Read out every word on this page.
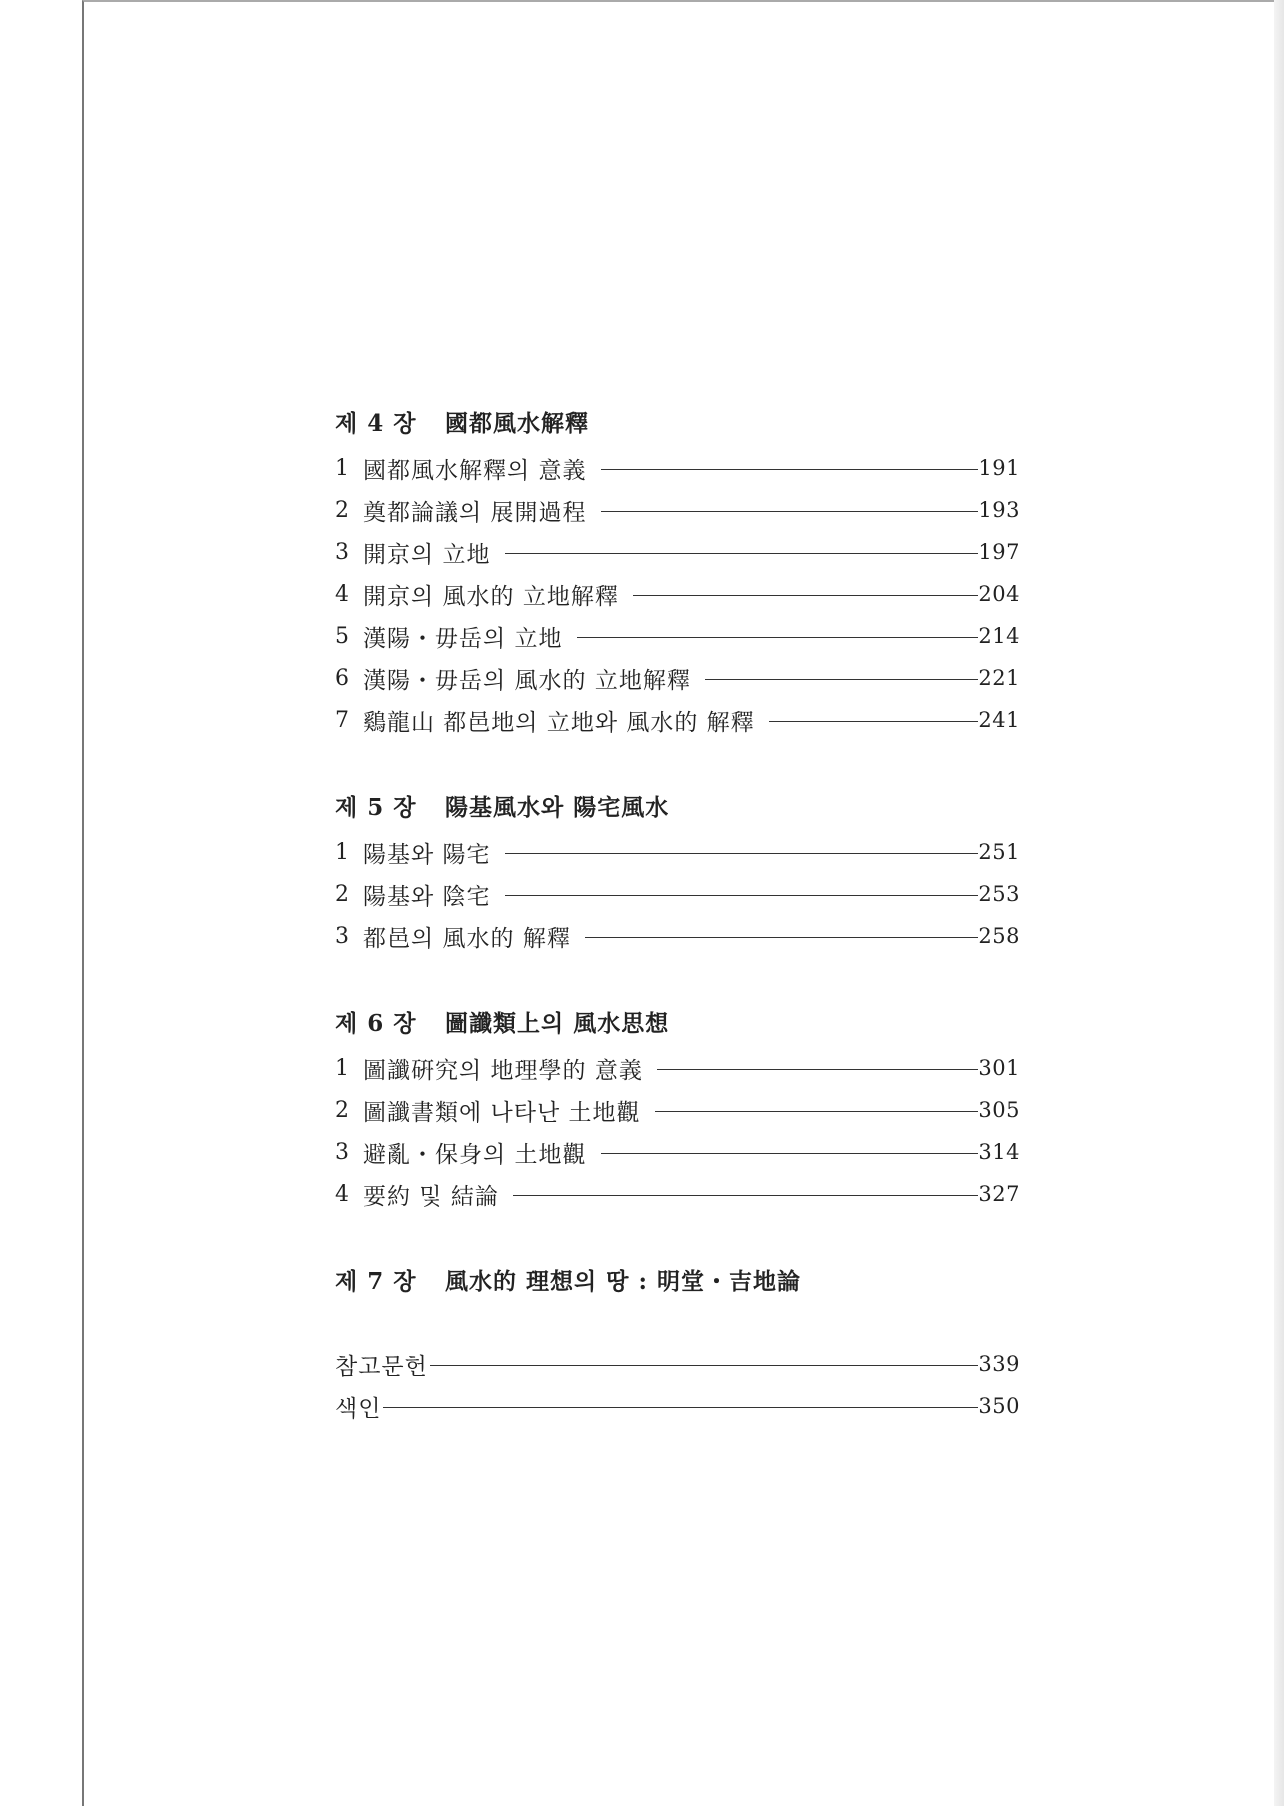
제 4 장 國都風水解釋
1 國都風水解釋의 意義	191
2 奠都論議의 展開過程	193
3 開京의 立地	197
4 開京의 風水的 立地解釋	204
5 漢陽・毋岳의 立地	214
6 漢陽・毋岳의 風水的 立地解釋	221
7 鷄龍山 都邑地의 立地와 風水的 解釋	241
제 5 장 陽基風水와 陽宅風水
1 陽基와 陽宅	251
2 陽基와 陰宅	253
3 都邑의 風水的 解釋	258
제 6 장 圖讖類上의 風水思想
1 圖讖硏究의 地理學的 意義	301
2 圖讖書類에 나타난 土地觀	305
3 避亂・保身의 土地觀	314
4 要約 및 結論	327
제 7 장 風水的 理想의 땅 : 明堂・吉地論
참고문헌	339
색인	350
